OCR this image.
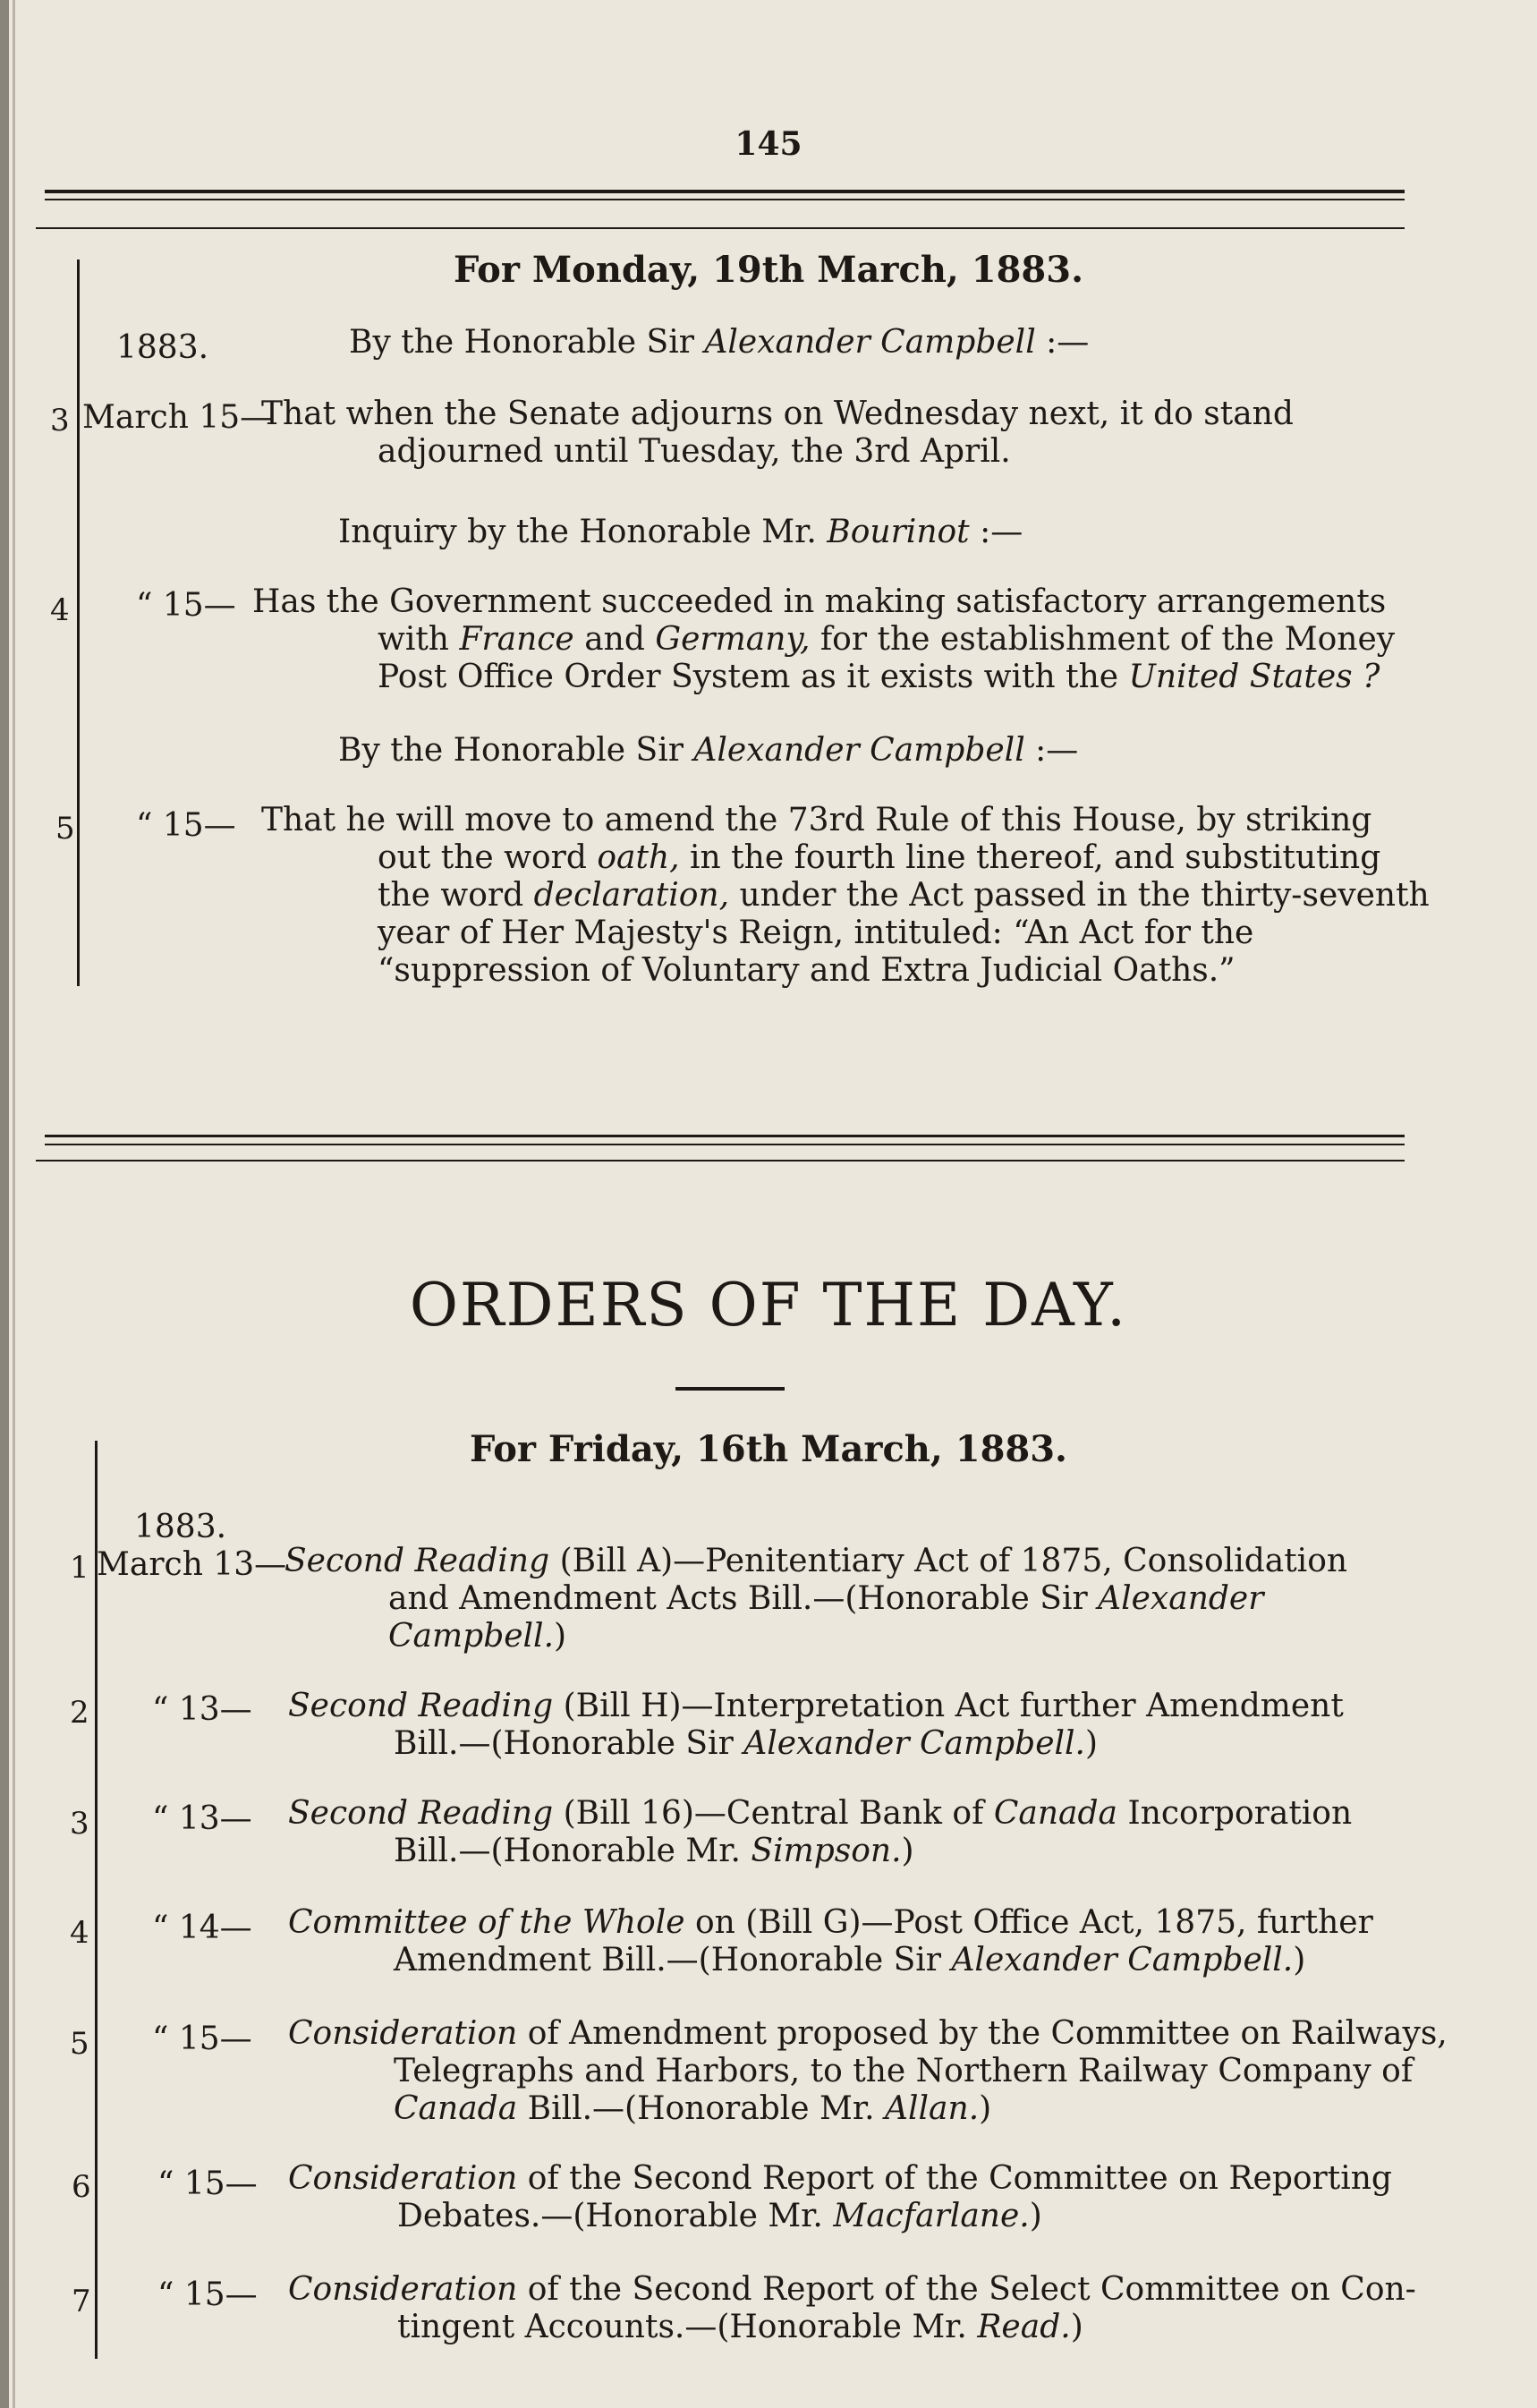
145
For Monday, 19th March, 1883.
1883.	By the Honorable Sir Alexander Campbell :—
3 March 15—
That when the Senate adjourns on Wednesday next, it do stand
adjourned until Tuesday, the 3rd April.
Inquiry by the Honorable Mr. Bourinot :—
4 “ 15— Has the Government succeeded in making satisfactory arrangements
with France and Germany, for the establishment of the Money
Post Office Order System as it exists with the United States ?
By the Honorable Sir Alexander Campbell :—
5 “ 15— That he will move to amend the 73rd Rule of this House, by striking
out the word oath, in the fourth line thereof, and substituting
the word declaration, under the Act passed in the thirty-seventh
year of Her Majesty's Reign, intituled: “An Act for the
“suppression of Voluntary and Extra Judicial Oaths.”
ORDERS OF THE DAY.
For Friday, 16th March, 1883.
1883.
1 March 13—
Second Reading (Bill A)—Penitentiary Act of 1875, Consolidation
and Amendment Acts Bill.—(Honorable Sir Alexander
Campbell.)
2 “ 13— Second Reading (Bill H)—Interpretation Act further Amendment
Bill.—(Honorable Sir Alexander Campbell.)
3 “ 13— Second Reading (Bill 16)—Central Bank of Canada Incorporation
Bill.—(Honorable Mr. Simpson.)
4 “ 14— Committee of the Whole on (Bill G)—Post Office Act, 1875, further
Amendment Bill.—(Honorable Sir Alexander Campbell.)
5 “ 15— Consideration of Amendment proposed by the Committee on Railways,
Telegraphs and Harbors, to the Northern Railway Company of
Canada Bill.—(Honorable Mr. Allan.)
6 “ 15— Consideration of the Second Report of the Committee on Reporting
Debates.—(Honorable Mr. Macfarlane.)
7 “ 15— Consideration of the Second Report of the Select Committee on Con-
tingent Accounts.—(Honorable Mr. Read.)
